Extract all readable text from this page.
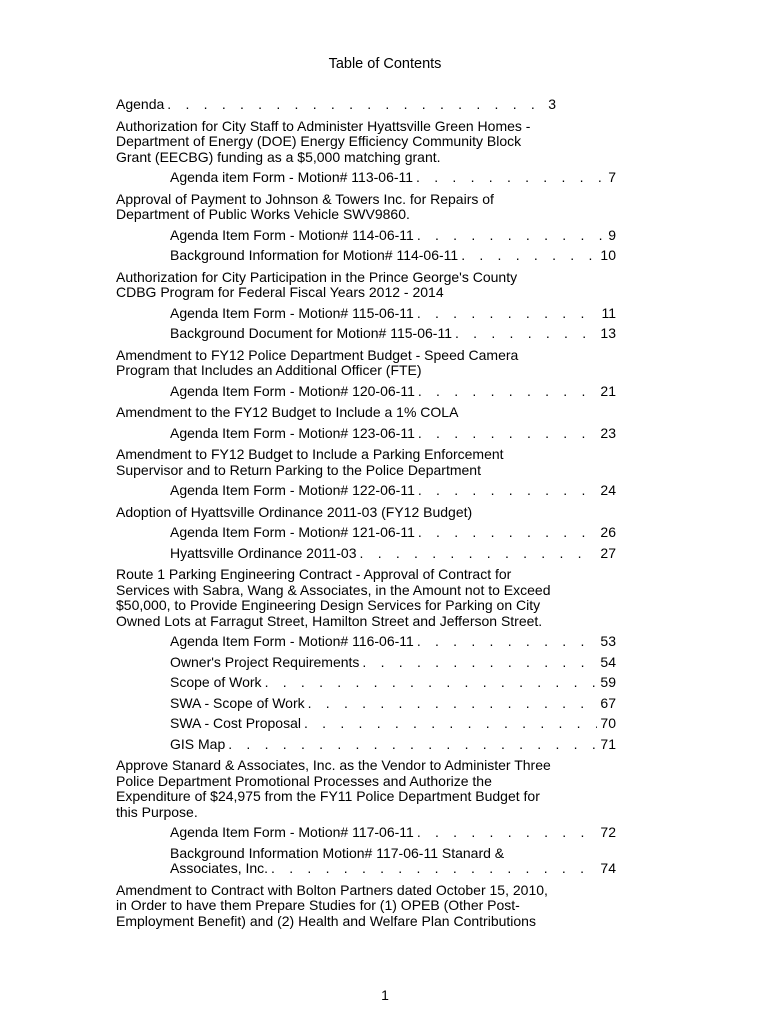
Table of Contents
Agenda . . .	3
Authorization for City Staff to Administer Hyattsville Green Homes - Department of Energy (DOE) Energy Efficiency Community Block Grant (EECBG) funding as a $5,000 matching grant.
Agenda item Form - Motion# 113-06-11 . . .	7
Approval of Payment to Johnson & Towers Inc. for Repairs of Department of Public Works Vehicle SWV9860.
Agenda Item Form - Motion# 114-06-11 . . .	9
Background Information for Motion# 114-06-11 . . .	10
Authorization for City Participation in the Prince George's County CDBG Program for Federal Fiscal Years 2012 - 2014
Agenda Item Form - Motion# 115-06-11 . . .	11
Background Document for Motion# 115-06-11 . . .	13
Amendment to FY12 Police Department Budget - Speed Camera Program that Includes an Additional Officer (FTE)
Agenda Item Form - Motion# 120-06-11 . . .	21
Amendment to the FY12 Budget to Include a 1% COLA
Agenda Item Form - Motion# 123-06-11 . . .	23
Amendment to FY12 Budget to Include a Parking Enforcement Supervisor and to Return Parking to the Police Department
Agenda Item Form - Motion# 122-06-11 . . .	24
Adoption of Hyattsville Ordinance 2011-03 (FY12 Budget)
Agenda Item Form - Motion# 121-06-11 . . .	26
Hyattsville Ordinance 2011-03 . . .	27
Route 1 Parking Engineering Contract - Approval of Contract for Services with Sabra, Wang & Associates, in the Amount not to Exceed $50,000, to Provide Engineering Design Services for Parking on City Owned Lots at Farragut Street, Hamilton Street and Jefferson Street.
Agenda Item Form - Motion# 116-06-11 . . .	53
Owner's Project Requirements . . .	54
Scope of Work . . .	59
SWA - Scope of Work . . .	67
SWA - Cost Proposal . . .	70
GIS Map . . .	71
Approve Stanard & Associates, Inc. as the Vendor to Administer Three Police Department Promotional Processes and Authorize the Expenditure of $24,975 from the FY11 Police Department Budget for this Purpose.
Agenda Item Form - Motion# 117-06-11 . . .	72
Background Information Motion# 117-06-11 Stanard &
Associates, Inc. . . .	74
Amendment to Contract with Bolton Partners dated October 15, 2010, in Order to have them Prepare Studies for (1) OPEB (Other Post-Employment Benefit) and (2) Health and Welfare Plan Contributions
1
